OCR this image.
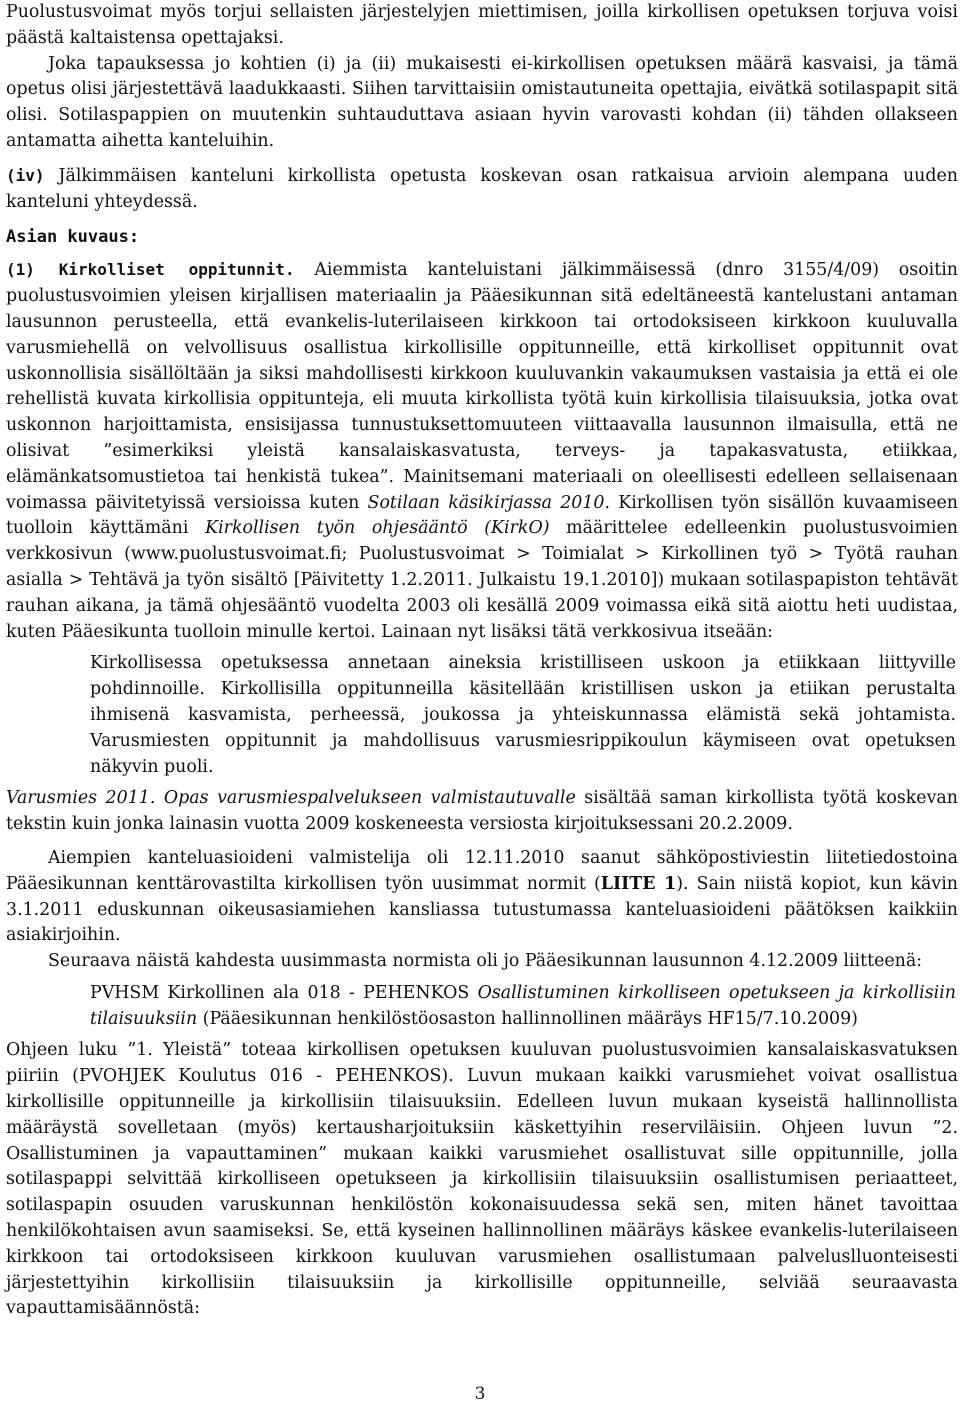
Puolustusvoimat myös torjui sellaisten järjestelyjen miettimisen, joilla kirkollisen opetuksen torjuva voisi päästä kaltaistensa opettajaksi.

Joka tapauksessa jo kohtien (i) ja (ii) mukaisesti ei-kirkollisen opetuksen määrä kasvaisi, ja tämä opetus olisi järjestettävä laadukkaasti. Siihen tarvittaisiin omistautuneita opettajia, eivätkä sotilaspapit sitä olisi. Sotilaspappien on muutenkin suhtauduttava asiaan hyvin varovasti kohdan (ii) tähden ollakseen antamatta aihetta kanteluihin.

(iv) Jälkimmäisen kanteluni kirkollista opetusta koskevan osan ratkaisua arvioin alempana uuden kanteluni yhteydessä.

Asian kuvaus:

(1) Kirkolliset oppitunnit. Aiemmista kanteluistani jälkimmäisessä (dnro 3155/4/09) osoitin puolustusvoimien yleisen kirjallisen materiaalin ja Pääesikunnan sitä edeltäneestä kantelustani antaman lausunnon perusteella, että evankelis-luterilaiseen kirkkoon tai ortodoksiseen kirkkoon kuuluvalla varusmiehellä on velvollisuus osallistua kirkollisille oppitunneille, että kirkolliset oppitunnit ovat uskonnollisia sisällöltään ja siksi mahdollisesti kirkkoon kuuluvankin vakaumuksen vastaisia ja että ei ole rehellistä kuvata kirkollisia oppitunteja, eli muuta kirkollista työtä kuin kirkollisia tilaisuuksia, jotka ovat uskonnon harjoittamista, ensisijassa tunnustuksettomuuteen viittaavalla lausunnon ilmaisulla, että ne olisivat ”esimerkiksi yleistä kansalaiskasvatusta, terveys- ja tapakasvatusta, etiikkaa, elämänkatsomustietoa tai henkistä tukea”. Mainitsemani materiaali on oleellisesti edelleen sellaisenaan voimassa päivitetyissä versioissa kuten Sotilaan käsikirjassa 2010. Kirkollisen työn sisällön kuvaamiseen tuolloin käyttämäni Kirkollisen työn ohjesääntö (KirkO) määrittelee edelleenkin puolustusvoimien verkkosivun (www.puolustusvoimat.fi; Puolustusvoimat > Toimialat > Kirkollinen työ > Työtä rauhan asialla > Tehtävä ja työn sisältö [Päivitetty 1.2.2011. Julkaistu 19.1.2010]) mukaan sotilaspapiston tehtävät rauhan aikana, ja tämä ohjesääntö vuodelta 2003 oli kesällä 2009 voimassa eikä sitä aiottu heti uudistaa, kuten Pääesikunta tuolloin minulle kertoi. Lainaan nyt lisäksi tätä verkkosivua itseään:

Kirkollisessa opetuksessa annetaan aineksia kristilliseen uskoon ja etiikkaan liittyville pohdinnoille. Kirkollisilla oppitunneilla käsitellään kristillisen uskon ja etiikan perustalta ihmisenä kasvamista, perheessä, joukossa ja yhteiskunnassa elämistä sekä johtamista. Varusmiesten oppitunnit ja mahdollisuus varusmiesrippikoulun käymiseen ovat opetuksen näkyvin puoli.

Varusmies 2011. Opas varusmiespalvelukseen valmistautuvalle sisältää saman kirkollista työtä koskevan tekstin kuin jonka lainasin vuotta 2009 koskeneesta versiosta kirjoituksessani 20.2.2009.

Aiempien kanteluasioideni valmistelija oli 12.11.2010 saanut sähköpostiviestin liitetiedostoina Pääesikunnan kenttärovastilta kirkollisen työn uusimmat normit (LIITE 1). Sain niistä kopiot, kun kävin 3.1.2011 eduskunnan oikeusasiamiehen kansliassa tutustumassa kanteluasioideni päätöksen kaikkiin asiakirjoihin.

Seuraava näistä kahdesta uusimmasta normista oli jo Pääesikunnan lausunnon 4.12.2009 liitteenä:

PVHSM Kirkollinen ala 018 - PEHENKOS Osallistuminen kirkolliseen opetukseen ja kirkollisiin tilaisuuksiin (Pääesikunnan henkilöstöosaston hallinnollinen määräys HF15/7.10.2009)

Ohjeen luku ”1. Yleistä” toteaa kirkollisen opetuksen kuuluvan puolustusvoimien kansalaiskasvatuksen piiriin (PVOHJEK Koulutus 016 - PEHENKOS). Luvun mukaan kaikki varusmiehet voivat osallistua kirkollisille oppitunneille ja kirkollisiin tilaisuuksiin. Edelleen luvun mukaan kyseistä hallinnollista määräystä sovelletaan (myös) kertausharjoituksiin käskettyihin reserviläisiin. Ohjeen luvun ”2. Osallistuminen ja vapauttaminen” mukaan kaikki varusmiehet osallistuvat sille oppitunnille, jolla sotilaspappi selvittää kirkolliseen opetukseen ja kirkollisiin tilaisuuksiin osallistumisen periaatteet, sotilaspapin osuuden varuskunnan henkilöstön kokonaisuudessa sekä sen, miten hänet tavoittaa henkilökohtaisen avun saamiseksi. Se, että kyseinen hallinnollinen määräys käskee evankelis-luterilaiseen kirkkoon tai ortodoksiseen kirkkoon kuuluvan varusmiehen osallistumaan palveluslluonteisesti järjestettyihin kirkollisiin tilaisuuksiin ja kirkollisille oppitunneille, selviää seuraavasta vapauttamisäännöstä:

3
